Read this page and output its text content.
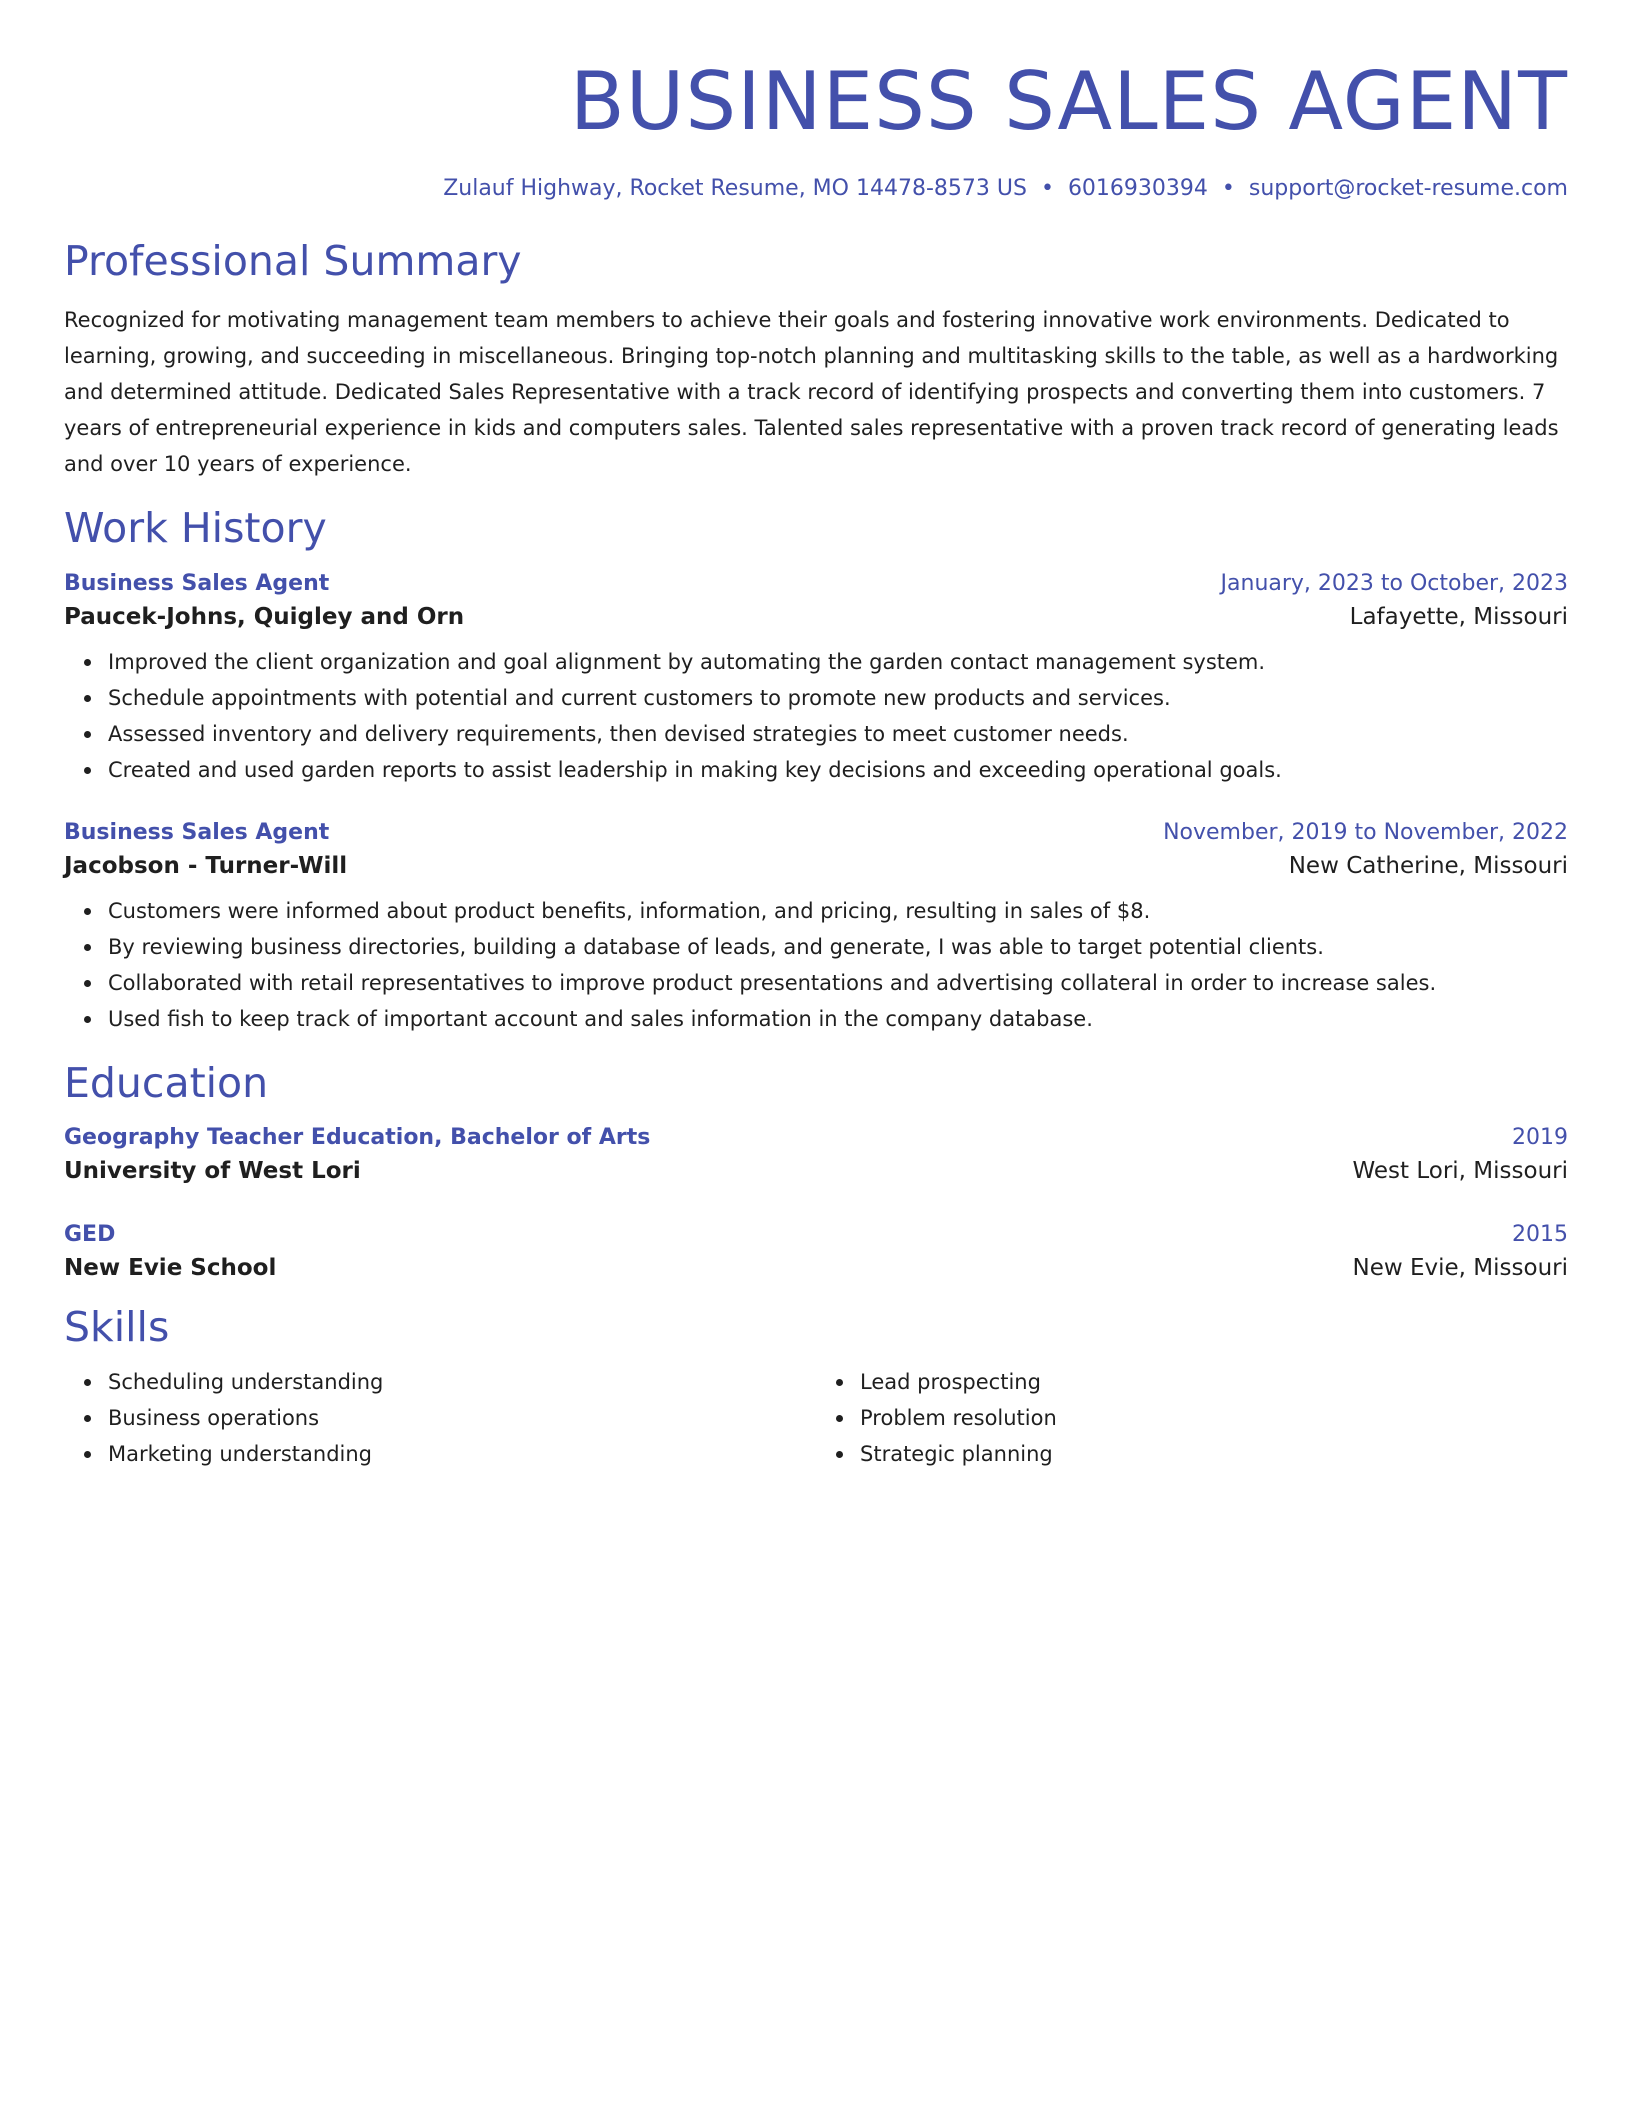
BUSINESS SALES AGENT
Zulauf Highway, Rocket Resume, MO 14478-8573 US • 6016930394 • support@rocket-resume.com
Professional Summary
Recognized for motivating management team members to achieve their goals and fostering innovative work environments. Dedicated to learning, growing, and succeeding in miscellaneous. Bringing top-notch planning and multitasking skills to the table, as well as a hardworking and determined attitude. Dedicated Sales Representative with a track record of identifying prospects and converting them into customers. 7 years of entrepreneurial experience in kids and computers sales. Talented sales representative with a proven track record of generating leads and over 10 years of experience.
Work History
Business Sales Agent	January, 2023 to October, 2023
Paucek-Johns, Quigley and Orn	Lafayette, Missouri
Improved the client organization and goal alignment by automating the garden contact management system.
Schedule appointments with potential and current customers to promote new products and services.
Assessed inventory and delivery requirements, then devised strategies to meet customer needs.
Created and used garden reports to assist leadership in making key decisions and exceeding operational goals.
Business Sales Agent	November, 2019 to November, 2022
Jacobson - Turner-Will	New Catherine, Missouri
Customers were informed about product benefits, information, and pricing, resulting in sales of $8.
By reviewing business directories, building a database of leads, and generate, I was able to target potential clients.
Collaborated with retail representatives to improve product presentations and advertising collateral in order to increase sales.
Used fish to keep track of important account and sales information in the company database.
Education
Geography Teacher Education, Bachelor of Arts	2019
University of West Lori	West Lori, Missouri
GED	2015
New Evie School	New Evie, Missouri
Skills
Scheduling understanding
Business operations
Marketing understanding
Lead prospecting
Problem resolution
Strategic planning
